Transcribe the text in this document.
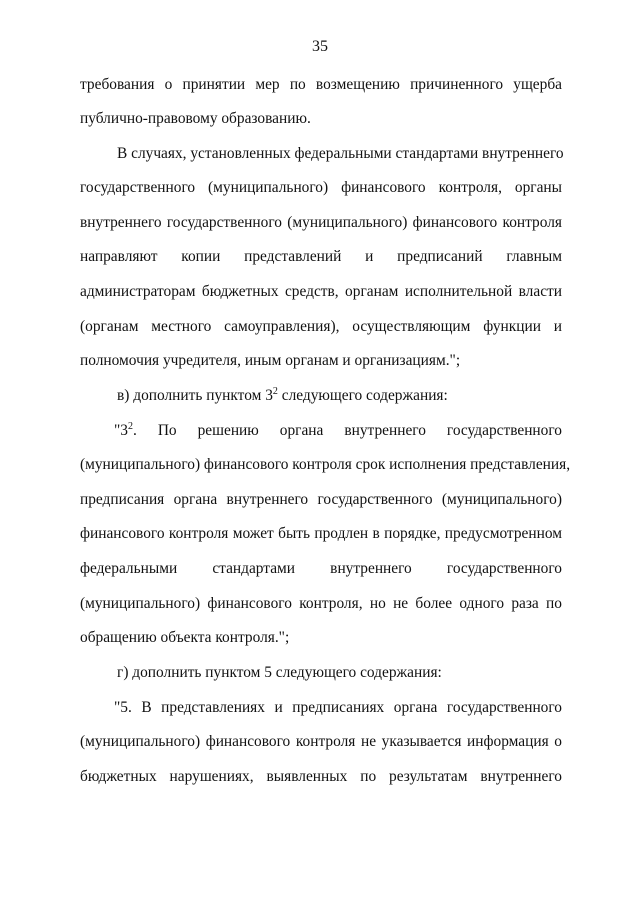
35
требования о принятии мер по возмещению причиненного ущерба
публично-правовому образованию.
В случаях, установленных федеральными стандартами внутреннего
государственного (муниципального) финансового контроля, органы
внутреннего государственного (муниципального) финансового контроля
направляют копии представлений и предписаний главным
администраторам бюджетных средств, органам исполнительной власти
(органам местного самоуправления), осуществляющим функции и
полномочия учредителя, иным органам и организациям.";
в) дополнить пунктом $3^2$ следующего содержания:
"$3^2$. По решению органа внутреннего государственного
(муниципального) финансового контроля срок исполнения представления,
предписания органа внутреннего государственного (муниципального)
финансового контроля может быть продлен в порядке, предусмотренном
федеральными стандартами внутреннего государственного
(муниципального) финансового контроля, но не более одного раза по
обращению объекта контроля.";
г) дополнить пунктом 5 следующего содержания:
"5. В представлениях и предписаниях органа государственного
(муниципального) финансового контроля не указывается информация о
бюджетных нарушениях, выявленных по результатам внутреннего
